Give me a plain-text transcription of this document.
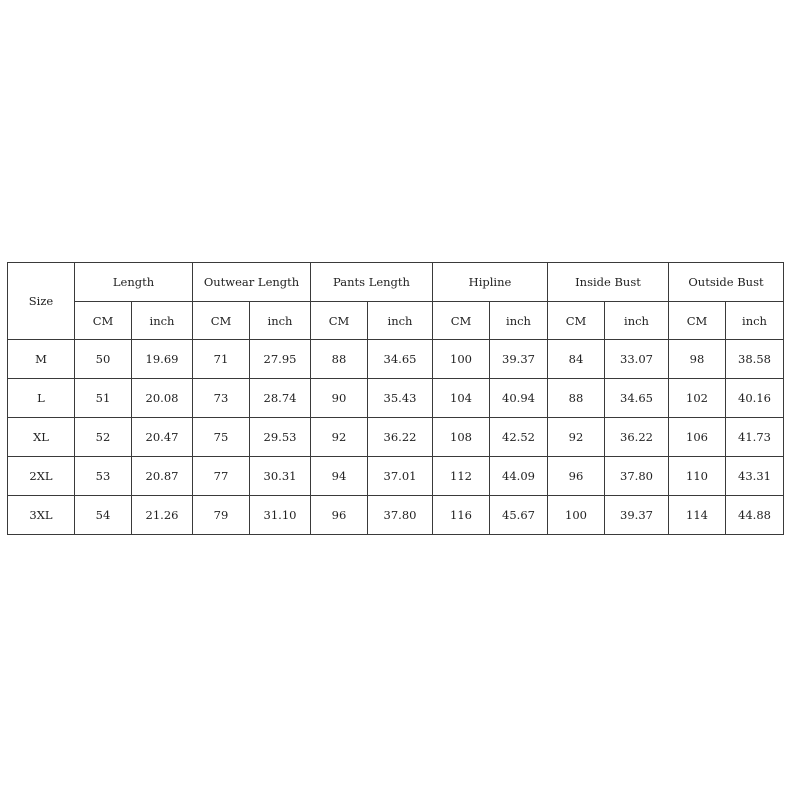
Size	Length		Outwear Length		Pants Length		Hipline		Inside Bust		Outside Bust	
	CM	inch	CM	inch	CM	inch	CM	inch	CM	inch	CM	inch
M	50	19.69	71	27.95	88	34.65	100	39.37	84	33.07	98	38.58
L	51	20.08	73	28.74	90	35.43	104	40.94	88	34.65	102	40.16
XL	52	20.47	75	29.53	92	36.22	108	42.52	92	36.22	106	41.73
2XL	53	20.87	77	30.31	94	37.01	112	44.09	96	37.80	110	43.31
3XL	54	21.26	79	31.10	96	37.80	116	45.67	100	39.37	114	44.88
